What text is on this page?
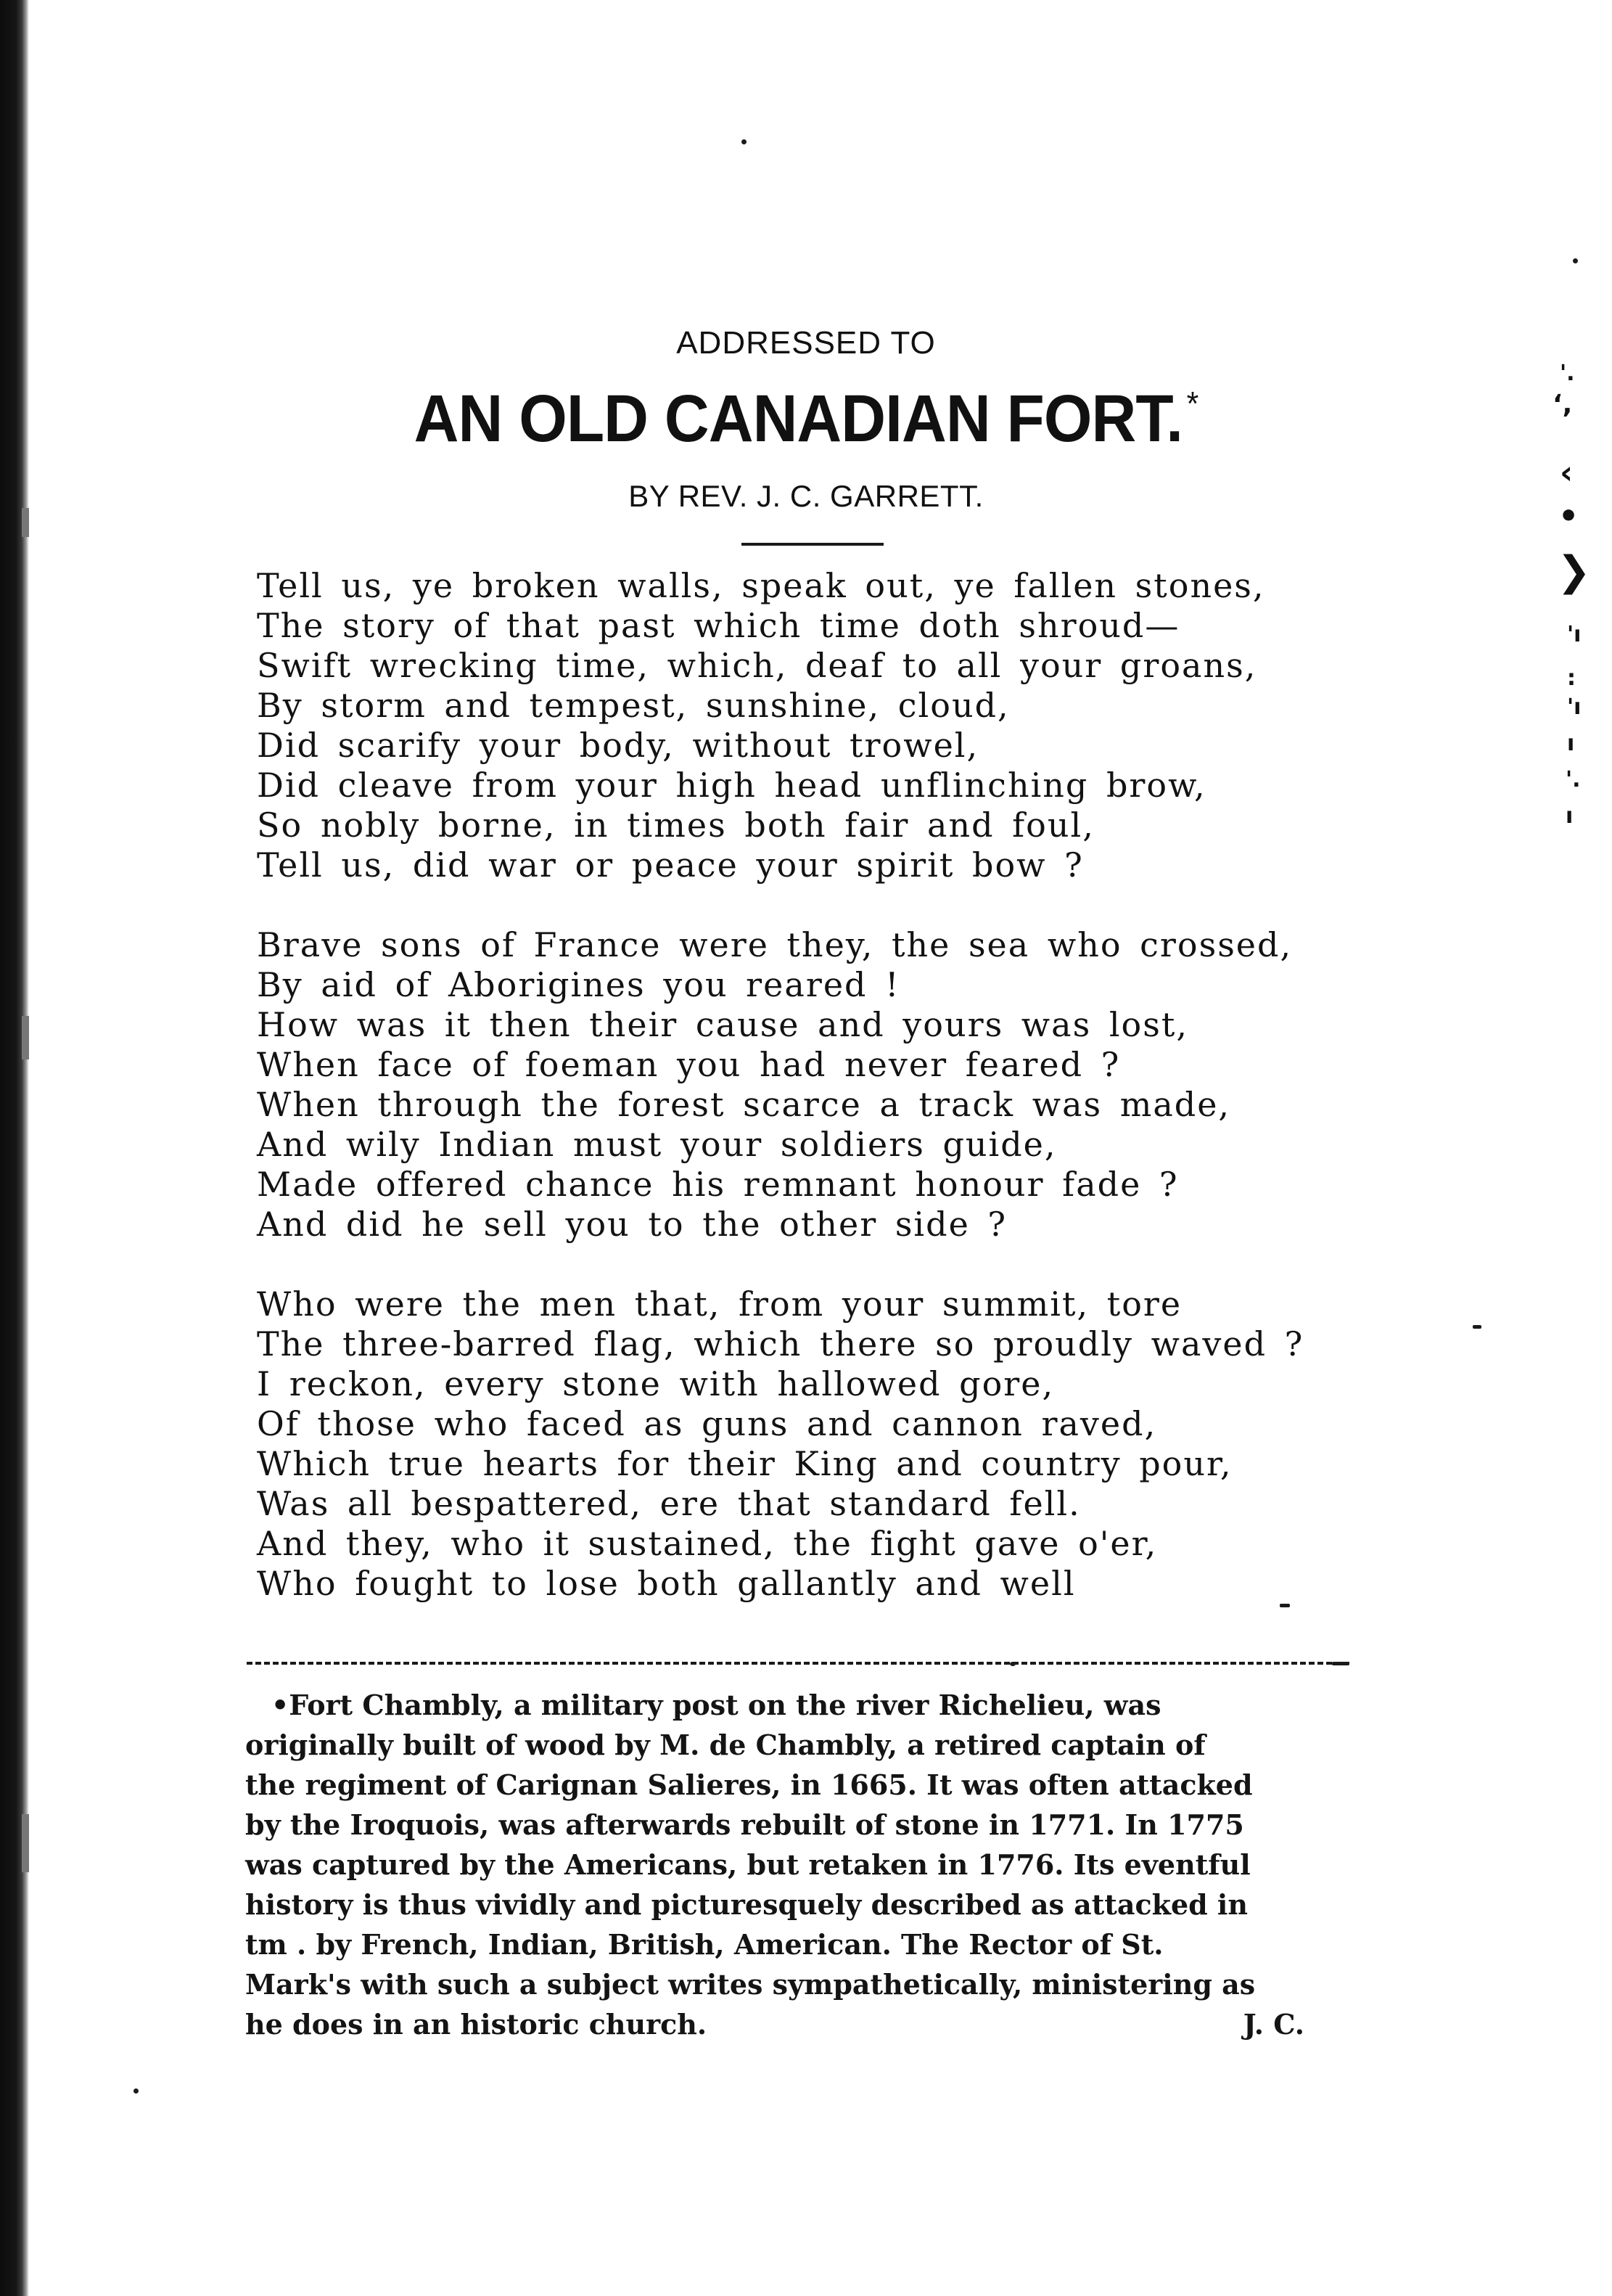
'.
‘,
‹
•
❯
'ı
:
'ı
ı
'.
ı
ADDRESSED TO
AN OLD CANADIAN FORT. *
BY REV. J. C. GARRETT.
Tell us, ye broken walls, speak out, ye fallen stones,
The story of that past which time doth shroud—
Swift wrecking time, which, deaf to all your groans,
By storm and tempest, sunshine, cloud,
Did scarify your body, without trowel,
Did cleave from your high head unflinching brow,
So nobly borne, in times both fair and foul,
Tell us, did war or peace your spirit bow ?
Brave sons of France were they, the sea who crossed,
By aid of Aborigines you reared !
How was it then their cause and yours was lost,
When face of foeman you had never feared ?
When through the forest scarce a track was made,
And wily Indian must your soldiers guide,
Made offered chance his remnant honour fade ?
And did he sell you to the other side ?
Who were the men that, from your summit, tore
The three-barred flag, which there so proudly waved ?
I reckon, every stone with hallowed gore,
Of those who faced as guns and cannon raved,
Which true hearts for their King and country pour,
Was all bespattered, ere that standard fell.
And they, who it sustained, the fight gave o'er,
Who fought to lose both gallantly and well
•Fort Chambly, a military post on the river Richelieu, was
originally built of wood by M. de Chambly, a retired captain of
the regiment of Carignan Salieres, in 1665. It was often attacked
by the Iroquois, was afterwards rebuilt of stone in 1771. In 1775
was captured by the Americans, but retaken in 1776. Its eventful
history is thus vividly and picturesquely described as attacked in
tm . by French, Indian, British, American. The Rector of St.
Mark's with such a subject writes sympathetically, ministering as
he does in an historic church.	J. C.
